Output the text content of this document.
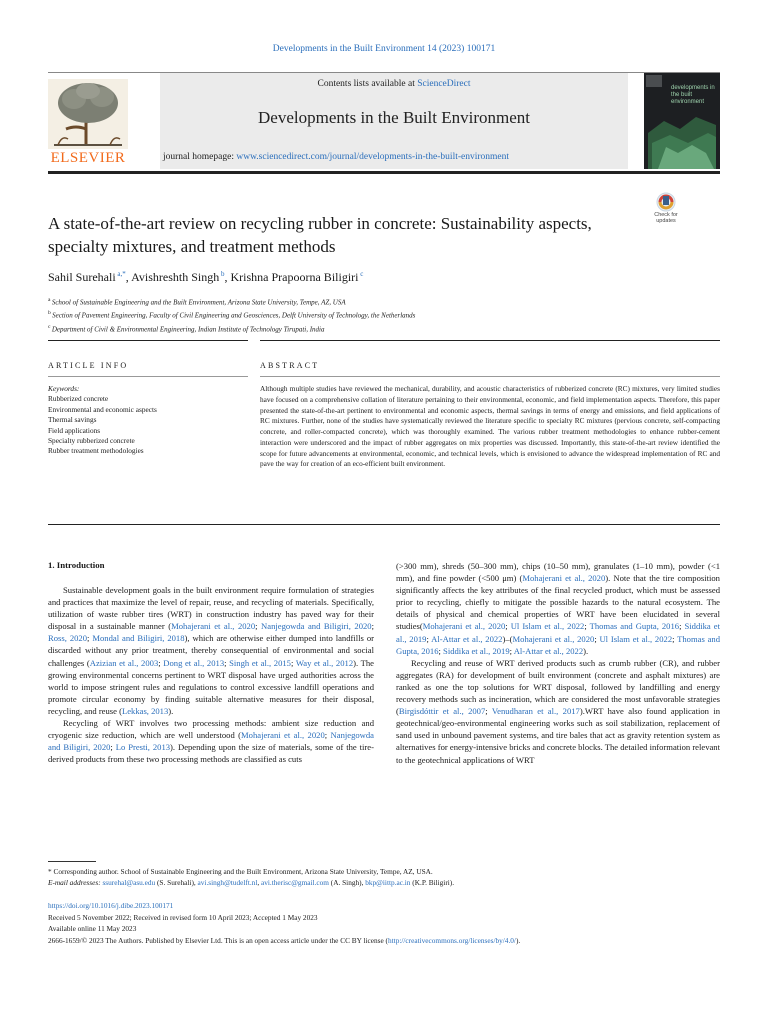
Developments in the Built Environment 14 (2023) 100171
Contents lists available at ScienceDirect
Developments in the Built Environment
journal homepage: www.sciencedirect.com/journal/developments-in-the-built-environment
ELSEVIER
developments in the built environment
Check for updates
A state-of-the-art review on recycling rubber in concrete: Sustainability aspects, specialty mixtures, and treatment methods
Sahil Surehali $^{a,*}$, Avishreshth Singh $^b$, Krishna Prapoorna Biligiri $^c$
$^a$ School of Sustainable Engineering and the Built Environment, Arizona State University, Tempe, AZ, USA
$^b$ Section of Pavement Engineering, Faculty of Civil Engineering and Geosciences, Delft University of Technology, the Netherlands
$^c$ Department of Civil & Environmental Engineering, Indian Institute of Technology Tirupati, India
ARTICLE INFO	ABSTRACT
Keywords:
Rubberized concrete
Environmental and economic aspects
Thermal savings
Field applications
Specialty rubberized concrete
Rubber treatment methodologies
Although multiple studies have reviewed the mechanical, durability, and acoustic characteristics of rubberized concrete (RC) mixtures, very limited studies have focused on a comprehensive collation of literature pertaining to their environmental, economic, and field implementation aspects. Therefore, this paper presented the state-of-the-art pertinent to environmental and economic aspects, thermal savings in terms of energy and emissions, and field applications of RC mixtures. Further, none of the studies have systematically reviewed the literature specific to specialty RC mixtures (pervious concrete, self-compacting concrete, and roller-compacted concrete), which was thoroughly examined. The various rubber treatment methodologies to enhance rubber-cement interaction were underscored and the impact of rubber aggregates on mix properties was discussed. Importantly, this state-of-the-art review identified the scope for future advancements at environmental, economic, and technical levels, which is envisioned to advance the widespread implementation of RC and pave the way for creation of an eco-efficient built environment.
1. Introduction

Sustainable development goals in the built environment require formulation of strategies and practices that maximize the level of repair, reuse, and recycling of materials. Specifically, utilization of waste rubber tires (WRT) in construction industry has paved way for their disposal in a sustainable manner (Mohajerani et al., 2020; Nanjegowda and Biligiri, 2020; Ross, 2020; Mondal and Biligiri, 2018), which are otherwise either dumped into landfills or discarded without any prior treatment, thereby consequential of environmental and social challenges (Azizian et al., 2003; Dong et al., 2013; Singh et al., 2015; Way et al., 2012). The growing environmental concerns pertinent to WRT disposal have urged authorities across the world to impose stringent rules and regulations to control excessive landfill operations and promote circular economy by finding suitable alternative measures for their disposal, recycling, and reuse (Lekkas, 2013).

Recycling of WRT involves two processing methods: ambient size reduction and cryogenic size reduction, which are well understood (Mohajerani et al., 2020; Nanjegowda and Biligiri, 2020; Lo Presti, 2013). Depending upon the size of materials, some of the tire-derived products from these two processing methods are classified as cuts

(>300 mm), shreds (50–300 mm), chips (10–50 mm), granulates (1–10 mm), powder (<1 mm), and fine powder (<500 μm) (Mohajerani et al., 2020). Note that the tire composition significantly affects the key attributes of the final recycled product, which must be assessed prior to recycling, chiefly to mitigate the possible hazards to the natural ecosystem. The details of physical and chemical properties of WRT have been elucidated in several studies(Mohajerani et al., 2020; Ul Islam et al., 2022; Thomas and Gupta, 2016; Siddika et al., 2019; Al-Attar et al., 2022)–(Mohajerani et al., 2020; Ul Islam et al., 2022; Thomas and Gupta, 2016; Siddika et al., 2019; Al-Attar et al., 2022).

Recycling and reuse of WRT derived products such as crumb rubber (CR), and rubber aggregates (RA) for development of built environment (concrete and asphalt mixtures) are ranked as one the top solutions for WRT disposal, followed by landfilling and energy recovery methods such as incineration, which are considered the most unfavorable strategies (Birgisdóttir et al., 2007; Venudharan et al., 2017).WRT have also found application in geotechnical/geo-environmental engineering works such as soil stabilization, replacement of sand used in unbound pavement systems, and tire bales that act as gravity retention system as alternatives for energy-intensive bricks and concrete blocks. The detailed information relevant to the geotechnical applications of WRT

* Corresponding author. School of Sustainable Engineering and the Built Environment, Arizona State University, Tempe, AZ, USA.
E-mail addresses: ssurehal@asu.edu (S. Surehali), avi.singh@tudelft.nl, avi.therisc@gmail.com (A. Singh), bkp@iittp.ac.in (K.P. Biligiri).
https://doi.org/10.1016/j.dibe.2023.100171
Received 5 November 2022; Received in revised form 10 April 2023; Accepted 1 May 2023
Available online 11 May 2023
2666-1659/© 2023 The Authors. Published by Elsevier Ltd. This is an open access article under the CC BY license (http://creativecommons.org/licenses/by/4.0/).
